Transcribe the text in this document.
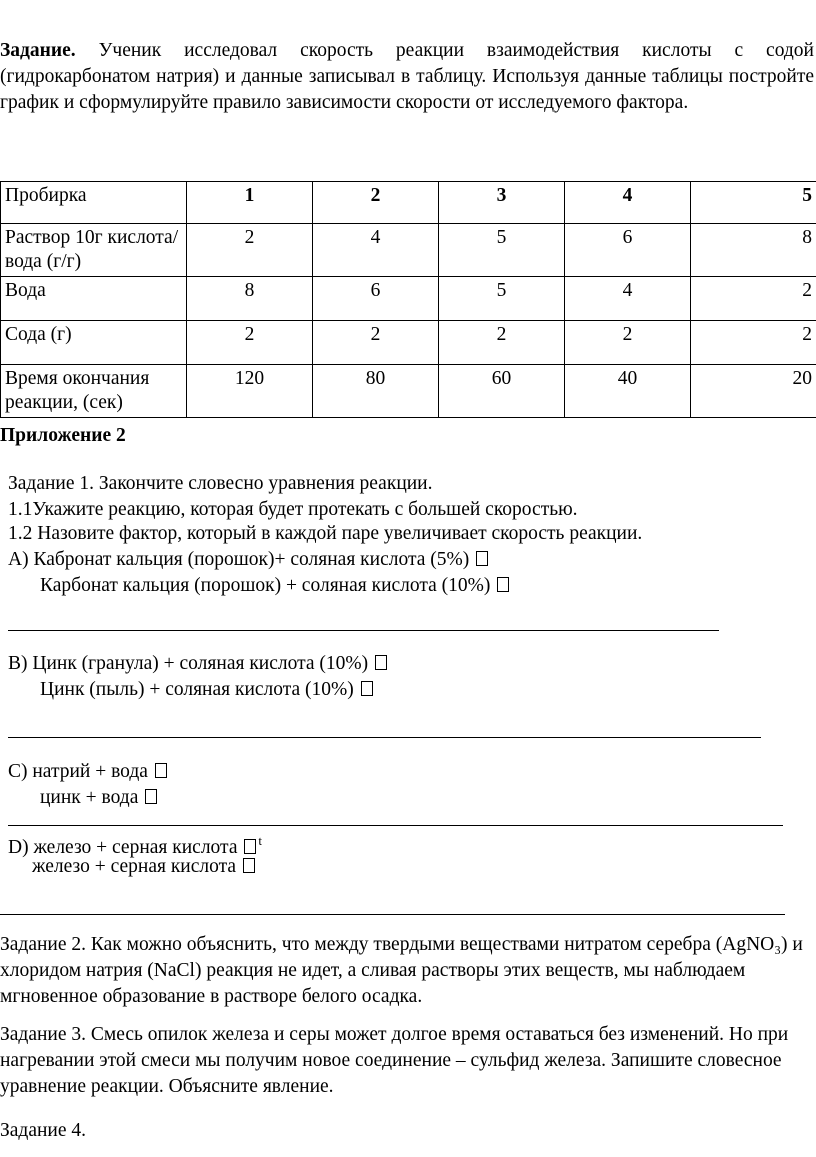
Задание. Ученик исследовал скорость реакции взаимодействия кислоты с содой (гидрокарбонатом натрия) и данные записывал в таблицу. Используя данные таблицы постройте график и сформулируйте правило зависимости скорости от исследуемого фактора.
Пробирка	1	2	3	4	5
Раствор 10г кислота/вода (г/г)	2	4	5	6	8
Вода	8	6	5	4	2
Сода (г)	2	2	2	2	2
Время окончания реакции, (сек)	120	80	60	40	20
Приложение 2
Задание 1. Закончите словесно уравнения реакции.
1.1Укажите реакцию, которая будет протекать с большей скоростью.
1.2 Назовите фактор, который в каждой паре увеличивает скорость реакции.
А) Кабронат кальция (порошок)+ соляная кислота (5%)
Карбонат кальция (порошок) + соляная кислота (10%)
В) Цинк (гранула) + соляная кислота (10%)
Цинк (пыль) + соляная кислота (10%)
С) натрий + вода
цинк + вода
D) железо + серная кислота $^t$
железо + серная кислота
Задание 2. Как можно объяснить, что между твердыми веществами нитратом серебра (AgNO₃) и хлоридом натрия (NaCl) реакция не идет, а сливая растворы этих веществ, мы наблюдаем мгновенное образование в растворе белого осадка.
Задание 3. Смесь опилок железа и серы может долгое время оставаться без изменений. Но при нагревании этой смеси мы получим новое соединение – сульфид железа. Запишите словесное уравнение реакции. Объясните явление.
Задание 4.
